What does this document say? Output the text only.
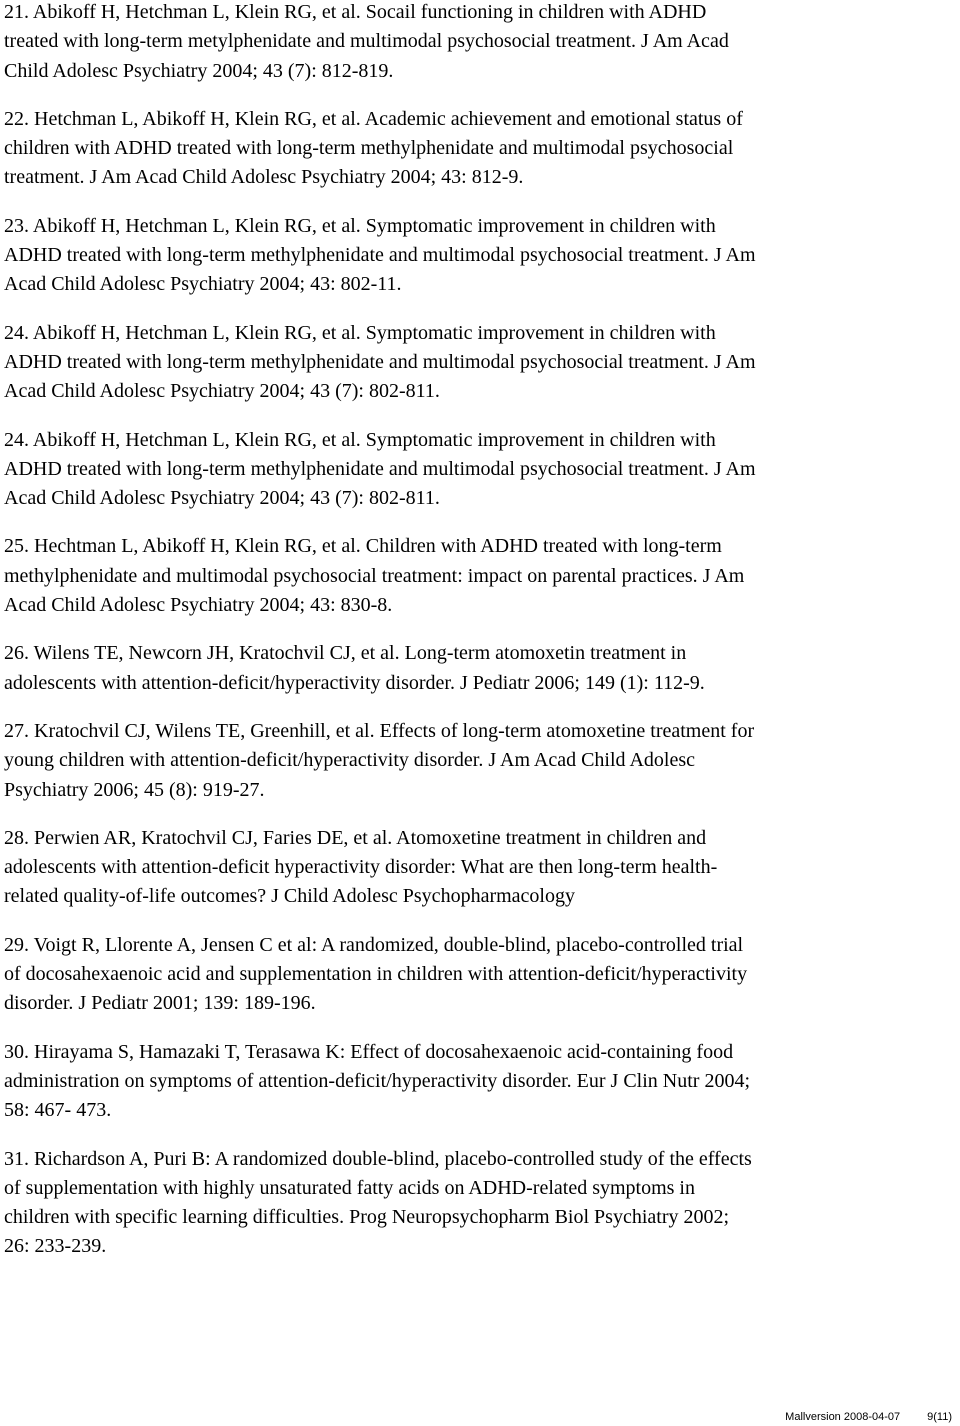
21. Abikoff H, Hetchman L, Klein RG, et al. Socail functioning in children with ADHD
treated with long-term metylphenidate and multimodal psychosocial treatment. J Am Acad
Child Adolesc Psychiatry 2004; 43 (7): 812-819.
22. Hetchman L, Abikoff H, Klein RG, et al. Academic achievement and emotional status of
children with ADHD treated with long-term methylphenidate and multimodal psychosocial
treatment. J Am Acad Child Adolesc Psychiatry 2004; 43: 812-9.
23. Abikoff H, Hetchman L, Klein RG, et al. Symptomatic improvement in children with
ADHD treated with long-term methylphenidate and multimodal psychosocial treatment. J Am
Acad Child Adolesc Psychiatry 2004; 43: 802-11.
24. Abikoff H, Hetchman L, Klein RG, et al. Symptomatic improvement in children with
ADHD treated with long-term methylphenidate and multimodal psychosocial treatment. J Am
Acad Child Adolesc Psychiatry 2004; 43 (7): 802-811.
24. Abikoff H, Hetchman L, Klein RG, et al. Symptomatic improvement in children with
ADHD treated with long-term methylphenidate and multimodal psychosocial treatment. J Am
Acad Child Adolesc Psychiatry 2004; 43 (7): 802-811.
25. Hechtman L, Abikoff H, Klein RG, et al. Children with ADHD treated with long-term
methylphenidate and multimodal psychosocial treatment: impact on parental practices. J Am
Acad Child Adolesc Psychiatry 2004; 43: 830-8.
26. Wilens TE, Newcorn JH, Kratochvil CJ, et al. Long-term atomoxetin treatment in
adolescents with attention-deficit/hyperactivity disorder. J Pediatr 2006; 149 (1): 112-9.
27. Kratochvil CJ, Wilens TE, Greenhill, et al. Effects of long-term atomoxetine treatment for
young children with attention-deficit/hyperactivity disorder. J Am Acad Child Adolesc
Psychiatry 2006; 45 (8): 919-27.
28. Perwien AR, Kratochvil CJ, Faries DE, et al. Atomoxetine treatment in children and
adolescents with attention-deficit hyperactivity disorder: What are then long-term health-
related quality-of-life outcomes? J Child Adolesc Psychopharmacology
29. Voigt R, Llorente A, Jensen C et al: A randomized, double-blind, placebo-controlled trial
of docosahexaenoic acid and supplementation in children with attention-deficit/hyperactivity
disorder. J Pediatr 2001; 139: 189-196.
30. Hirayama S, Hamazaki T, Terasawa K: Effect of docosahexaenoic acid-containing food
administration on symptoms of attention-deficit/hyperactivity disorder. Eur J Clin Nutr 2004;
58: 467- 473.
31. Richardson A, Puri B: A randomized double-blind, placebo-controlled study of the effects
of supplementation with highly unsaturated fatty acids on ADHD-related symptoms in
children with specific learning difficulties. Prog Neuropsychopharm Biol Psychiatry 2002;
26: 233-239.
Mallversion 2008-04-07 9(11)
